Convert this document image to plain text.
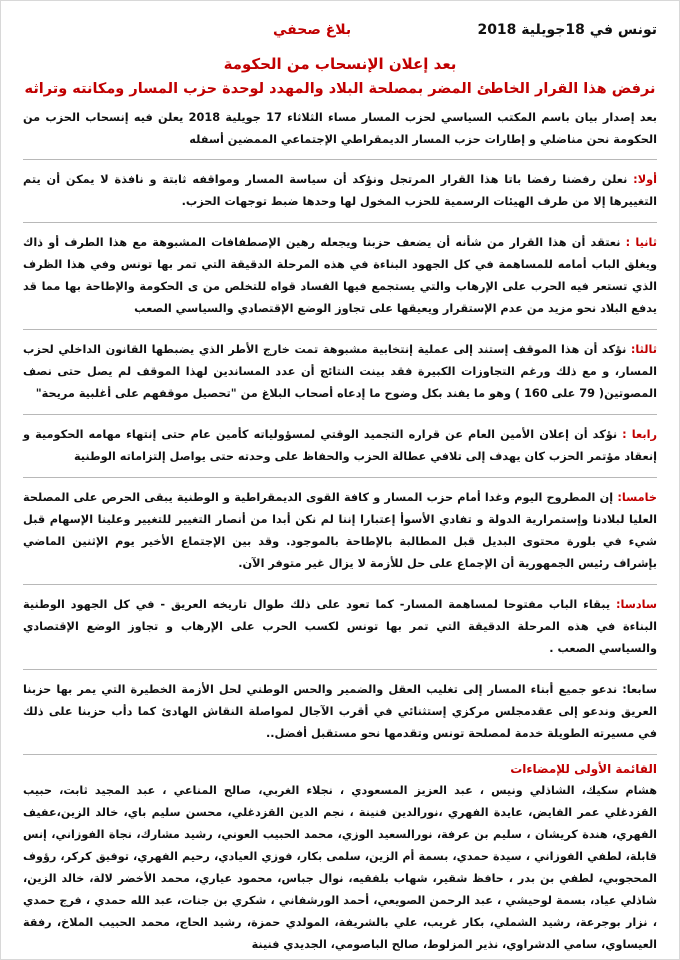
تونس في 18جويلية 2018
بلاغ صحفي
بعد إعلان الإنسحاب من الحكومة
نرفض هذا القرار الخاطئ المضر بمصلحة البلاد والمهدد لوحدة حزب المسار ومكانته وتراثه

بعد إصدار بيان باسم المكتب السياسي لحزب المسار مساء الثلاثاء 17 جويلية 2018 يعلن فيه إنسحاب الحزب من الحكومة نحن مناضلي و إطارات حزب المسار الديمقراطي الإجتماعي الممضين أسفله

أولا: نعلن رفضنا رفضا باتا هذا القرار المرتجل ونؤكد أن سياسة المسار ومواقفه ثابتة و نافذة لا يمكن أن يتم التغييرها إلا من طرف الهيئات الرسمية للحزب المخول لها وحدها ضبط توجهات الحزب.

ثانيا : نعتقد أن هذا القرار من شأنه أن يضعف حزبنا ويجعله رهين الإصطفافات المشبوهة مع هذا الطرف أو ذاك ويغلق الباب أمامه للمساهمة في كل الجهود البناءة في هذه المرحلة الدقيقة التي تمر بها تونس وفي هذا الظرف الذي تستعر فيه الحرب على الإرهاب والتي يستجمع فيها الفساد قواه للتخلص من ى الحكومة والإطاحة بها مما قد يدفع البلاد نحو مزيد من عدم الإستقرار ويعيقها على تجاوز الوضع الإقتصادي والسياسي الصعب

ثالثا: نؤكد أن هذا الموقف إستند إلى عملية إنتخابية مشبوهة تمت خارج الأطر الذي يضبطها القانون الداخلي لحزب المسار، و مع ذلك ورغم التجاوزات الكبيرة فقد بينت النتائج أن عدد المساندين لهذا الموقف لم يصل حتى نصف المصوتين( 79 على 160 ) وهو ما يفند بكل وضوح ما إدعاه أصحاب البلاغ من "تحصيل موقفهم على أغلبية مريحة"

رابعا : نؤكد أن إعلان الأمين العام عن قراره التجميد الوقتي لمسؤولياته كأمين عام حتى إنتهاء مهامه الحكومية و إنعقاد مؤتمر الحزب كان يهدف إلى تلافي عطالة الحزب والحفاظ على وحدته حتى يواصل إلتزاماته الوطنية

خامسا: إن المطروح اليوم وغدا أمام حزب المسار و كافة القوى الديمقراطية و الوطنية يبقى الحرص على المصلحة العليا لبلادنا وإستمرارية الدولة و تفادي الأسوأ إعتبارا إننا لم نكن أبدا من أنصار التغيير للتغيير وعلينا الإسهام قبل شيء في بلورة محتوى البديل قبل المطالبة بالإطاحة بالموجود. وقد بين الإجتماع الأخير يوم الإثنين الماضي بإشراف رئيس الجمهورية أن الإجماع على حل للأزمة لا يزال غير متوفر الآن.

سادسا: يبقاء الباب مفتوحا لمساهمة المسار- كما تعود على ذلك طوال تاريخه العريق - في كل الجهود الوطنية البناءة في هذه المرحلة الدقيقة التي تمر بها تونس لكسب الحرب على الإرهاب و تجاوز الوضع الإقتصادي والسياسي الصعب .

سابعا: ندعو جميع أبناء المسار إلى تغليب العقل والضمير والحس الوطني لحل الأزمة الخطيرة التي يمر بها حزبنا العريق وندعو إلى عقدمجلس مركزي إستثنائي في أقرب الآجال لمواصلة النقاش الهادئ كما دأب حزبنا على ذلك في مسيرته الطويلة خدمة لمصلحة تونس وتقدمها نحو مستقبل أفضل..

القائمة الأولى للإمضاءات

هشام سكيك، الشاذلي ونيس ، عبد العزيز المسعودي ، نجلاء الغربي، صالح المناعي ، عبد المجيد ثابت، حبيب القزدغلي عمر الفايض، عايدة الفهري ،نورالدين فنينة ، نجم الدين القزدغلي، محسن سليم باي، خالد الزين،عفيف الفهري، هندة كريشان ، سليم بن عرفة، نورالسعيد الوزي، محمد الحبيب العوني، رشيد مشارك، نجاة الفوزاني، إنس قابلة، لطفي الفوزاني ، سيدة حمدي، بسمة أم الزين، سلمى بكار، فوزي العيادي، رحيم الفهري، توفيق كركر، رؤوف المحجوبي، لطفي بن بدر ، حافظ شقير، شهاب بلفقيه، نوال جباس، محمود عياري، محمد الأخضر لالة، خالد الزين، شاذلي عياد، بسمة لوحيشي ، عبد الرحمن الصويعي، أحمد الورشفاني ، شكري بن جنات، عبد الله حمدي ، فرج حمدي ، نزار بوجرعة، رشيد الشملي، بكار غريب، علي بالشريفة، المولدي حمزة، رشيد الحاج، محمد الحبيب الملاخ، رفقة العيساوي، سامي الدشراوي، نذير المزلوط، صالح الباصومي، الجديدي فنينة
